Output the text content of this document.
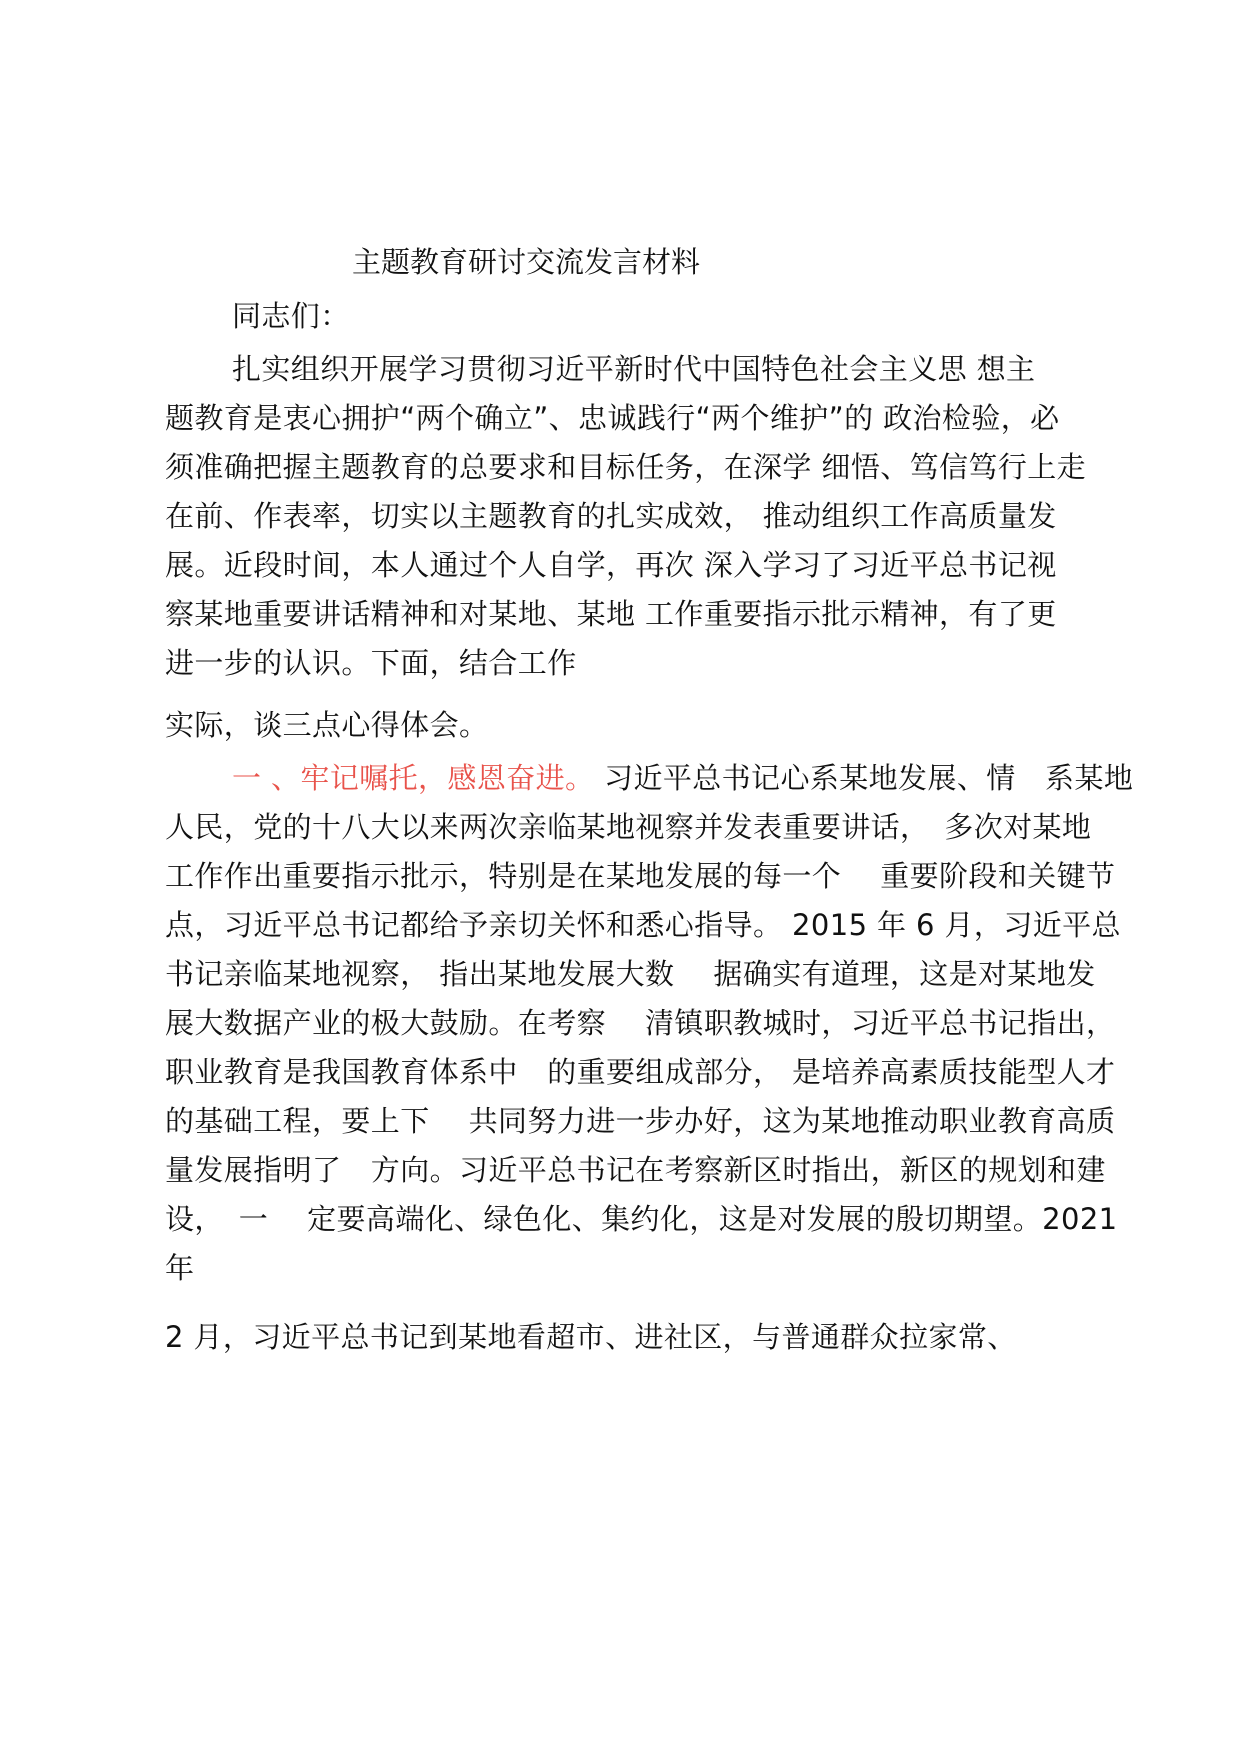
主题教育研讨交流发言材料
同志们：
扎实组织开展学习贯彻习近平新时代中国特色社会主义思 想主
题教育是衷心拥护“两个确立”、忠诚践行“两个维护”的 政治检验，必
须准确把握主题教育的总要求和目标任务，在深学 细悟、笃信笃行上走
在前、作表率，切实以主题教育的扎实成效， 推动组织工作高质量发
展。近段时间，本人通过个人自学，再次 深入学习了习近平总书记视
察某地重要讲话精神和对某地、某地 工作重要指示批示精神，有了更
进一步的认识。下面，结合工作
实际，谈三点心得体会。
一 、牢记嘱托，感恩奋进。 习近平总书记心系某地发展、情　系某地
人民，党的十八大以来两次亲临某地视察并发表重要讲话，　多次对某地
工作作出重要指示批示，特别是在某地发展的每一个　 重要阶段和关键节
点，习近平总书记都给予亲切关怀和悉心指导。 2015 年 6 月，习近平总
书记亲临某地视察， 指出某地发展大数　 据确实有道理，这是对某地发
展大数据产业的极大鼓励。在考察　 清镇职教城时，习近平总书记指出，
职业教育是我国教育体系中　的重要组成部分， 是培养高素质技能型人才
的基础工程，要上下　 共同努力进一步办好，这为某地推动职业教育高质
量发展指明了　方向。习近平总书记在考察新区时指出，新区的规划和建
设，　一　 定要高端化、绿色化、集约化，这是对发展的殷切期望。2021
年
2 月，习近平总书记到某地看超市、进社区，与普通群众拉家常、
